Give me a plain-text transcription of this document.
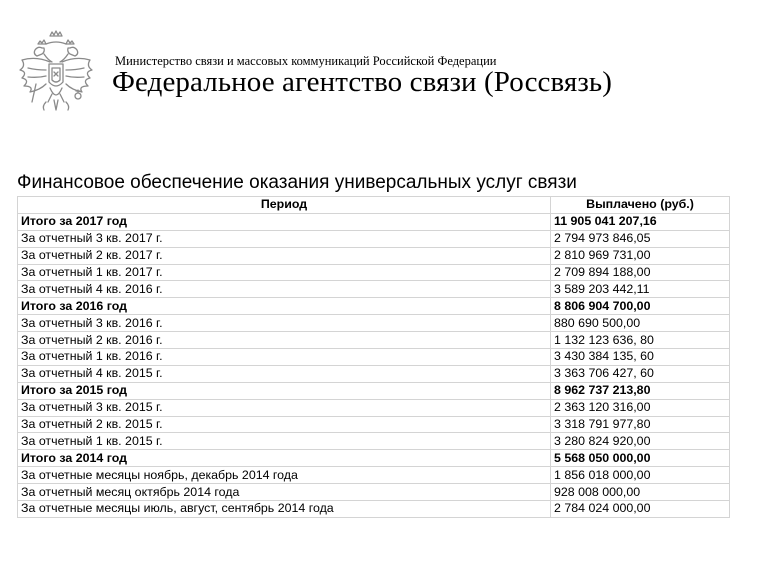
Министерство связи и массовых коммуникаций Российской Федерации
Федеральное агентство связи (Россвязь)
Финансовое обеспечение оказания универсальных услуг связи
Период	Выплачено (руб.)
Итого за 2017 год	11 905 041 207,16
За отчетный 3 кв. 2017 г.	2 794 973 846,05
За отчетный 2 кв. 2017 г.	2 810 969 731,00
За отчетный 1 кв. 2017 г.	2 709 894 188,00
За отчетный 4 кв. 2016 г.	3 589 203 442,11
Итого за 2016 год	8 806 904 700,00
За отчетный 3 кв. 2016 г.	880 690 500,00
За отчетный 2 кв. 2016 г.	1 132 123 636, 80
За отчетный 1 кв. 2016 г.	3 430 384 135, 60
За отчетный 4 кв. 2015 г.	3 363 706 427, 60
Итого за 2015 год	8 962 737 213,80
За отчетный 3 кв. 2015 г.	2 363 120 316,00
За отчетный 2 кв. 2015 г.	3 318 791 977,80
За отчетный 1 кв. 2015 г.	3 280 824 920,00
Итого за 2014 год	5 568 050 000,00
За отчетные месяцы ноябрь, декабрь 2014 года	1 856 018 000,00
За отчетный месяц октябрь 2014 года	928 008 000,00
За отчетные месяцы июль, август, сентябрь 2014 года	2 784 024 000,00
